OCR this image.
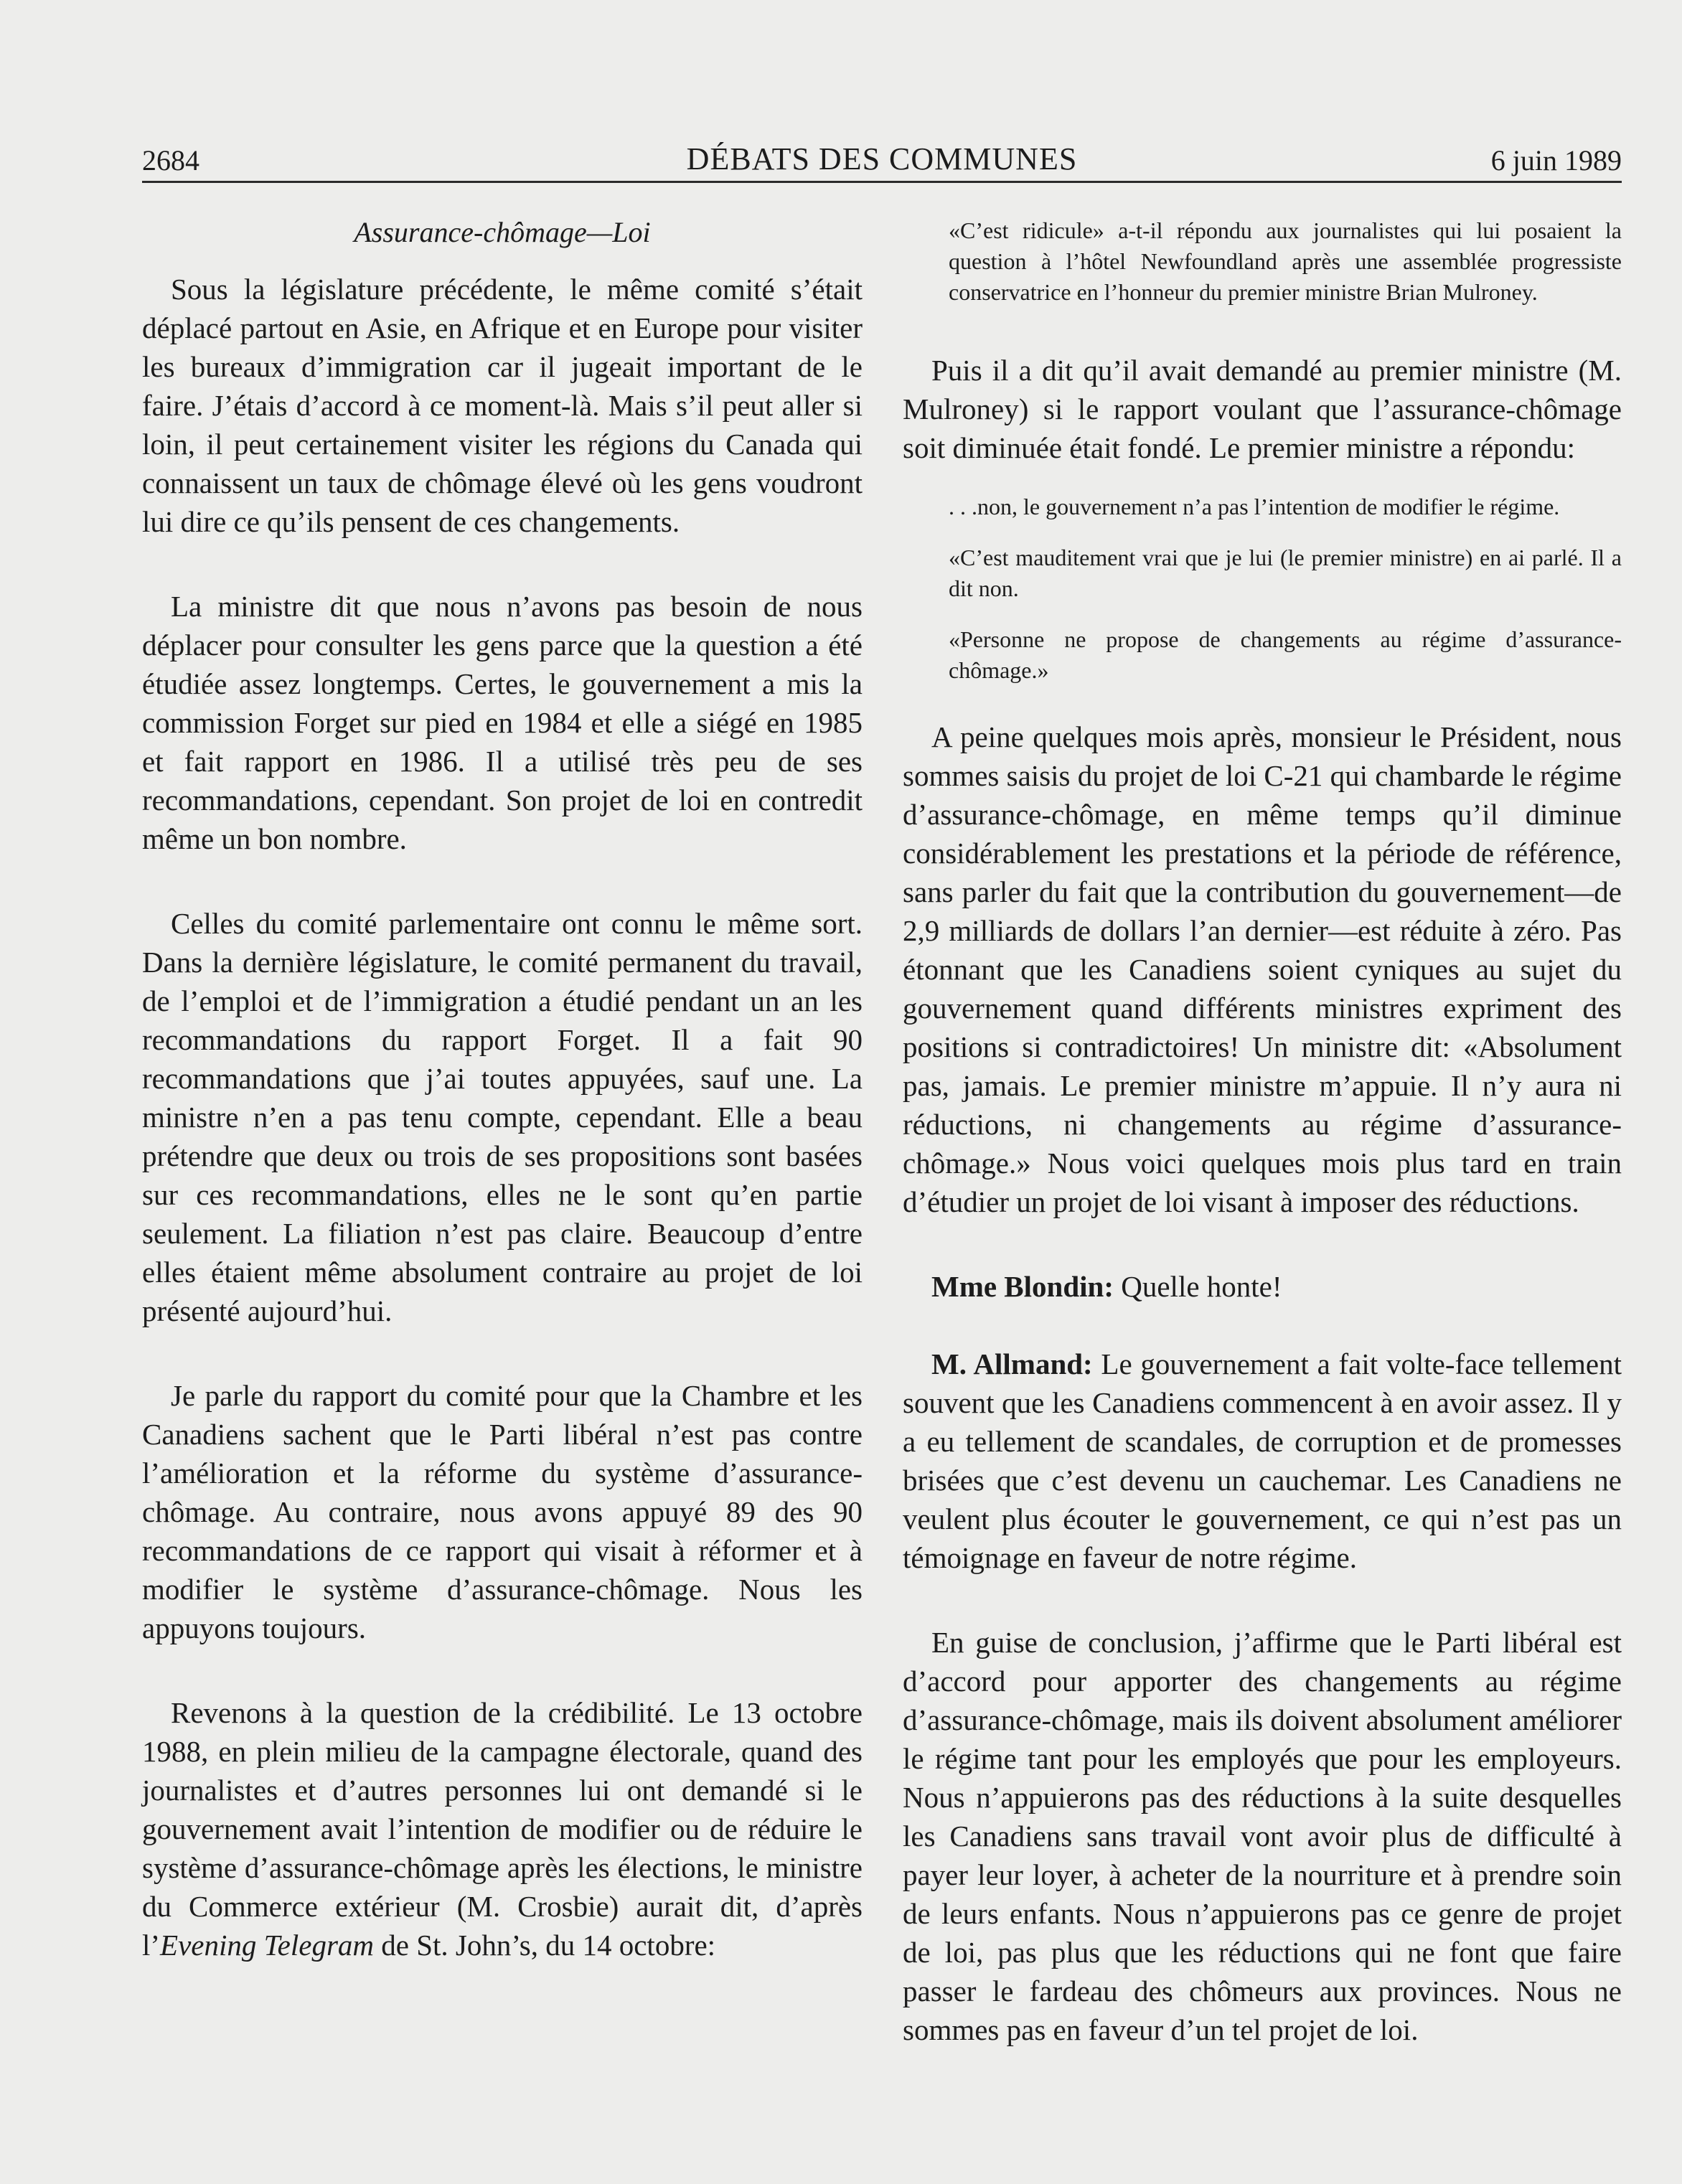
2684	DÉBATS DES COMMUNES	6 juin 1989
Assurance-chômage—Loi

Sous la législature précédente, le même comité s’était déplacé partout en Asie, en Afrique et en Europe pour visiter les bureaux d’immigration car il jugeait important de le faire. J’étais d’accord à ce moment-là. Mais s’il peut aller si loin, il peut certainement visiter les régions du Canada qui connaissent un taux de chômage élevé où les gens voudront lui dire ce qu’ils pensent de ces changements.

La ministre dit que nous n’avons pas besoin de nous déplacer pour consulter les gens parce que la question a été étudiée assez longtemps. Certes, le gouvernement a mis la commission Forget sur pied en 1984 et elle a siégé en 1985 et fait rapport en 1986. Il a utilisé très peu de ses recommandations, cependant. Son projet de loi en contredit même un bon nombre.

Celles du comité parlementaire ont connu le même sort. Dans la dernière législature, le comité permanent du travail, de l’emploi et de l’immigration a étudié pendant un an les recommandations du rapport Forget. Il a fait 90 recommandations que j’ai toutes appuyées, sauf une. La ministre n’en a pas tenu compte, cependant. Elle a beau prétendre que deux ou trois de ses propositions sont basées sur ces recommandations, elles ne le sont qu’en partie seulement. La filiation n’est pas claire. Beaucoup d’entre elles étaient même absolument contraire au projet de loi présenté aujourd’hui.

Je parle du rapport du comité pour que la Chambre et les Canadiens sachent que le Parti libéral n’est pas contre l’amélioration et la réforme du système d’assurance-chômage. Au contraire, nous avons appuyé 89 des 90 recommandations de ce rapport qui visait à réformer et à modifier le système d’assurance-chômage. Nous les appuyons toujours.

Revenons à la question de la crédibilité. Le 13 octobre 1988, en plein milieu de la campagne électorale, quand des journalistes et d’autres personnes lui ont demandé si le gouvernement avait l’intention de modifier ou de réduire le système d’assurance-chômage après les élections, le ministre du Commerce extérieur (M. Crosbie) aurait dit, d’après l’Evening Telegram de St. John’s, du 14 octobre:

«C’est ridicule» a-t-il répondu aux journalistes qui lui posaient la question à l’hôtel Newfoundland après une assemblée progressiste conservatrice en l’honneur du premier ministre Brian Mulroney.

Puis il a dit qu’il avait demandé au premier ministre (M. Mulroney) si le rapport voulant que l’assurance-chômage soit diminuée était fondé. Le premier ministre a répondu:

. . .non, le gouvernement n’a pas l’intention de modifier le régime.

«C’est mauditement vrai que je lui (le premier ministre) en ai parlé. Il a dit non.

«Personne ne propose de changements au régime d’assurance-chômage.»

A peine quelques mois après, monsieur le Président, nous sommes saisis du projet de loi C-21 qui chambarde le régime d’assurance-chômage, en même temps qu’il diminue considérablement les prestations et la période de référence, sans parler du fait que la contribution du gouvernement—de 2,9 milliards de dollars l’an dernier—est réduite à zéro. Pas étonnant que les Canadiens soient cyniques au sujet du gouvernement quand différents ministres expriment des positions si contradictoires! Un ministre dit: «Absolument pas, jamais. Le premier ministre m’appuie. Il n’y aura ni réductions, ni changements au régime d’assurance-chômage.» Nous voici quelques mois plus tard en train d’étudier un projet de loi visant à imposer des réductions.

Mme Blondin: Quelle honte!

M. Allmand: Le gouvernement a fait volte-face tellement souvent que les Canadiens commencent à en avoir assez. Il y a eu tellement de scandales, de corruption et de promesses brisées que c’est devenu un cauchemar. Les Canadiens ne veulent plus écouter le gouvernement, ce qui n’est pas un témoignage en faveur de notre régime.

En guise de conclusion, j’affirme que le Parti libéral est d’accord pour apporter des changements au régime d’assurance-chômage, mais ils doivent absolument améliorer le régime tant pour les employés que pour les employeurs. Nous n’appuierons pas des réductions à la suite desquelles les Canadiens sans travail vont avoir plus de difficulté à payer leur loyer, à acheter de la nourriture et à prendre soin de leurs enfants. Nous n’appuierons pas ce genre de projet de loi, pas plus que les réductions qui ne font que faire passer le fardeau des chômeurs aux provinces. Nous ne sommes pas en faveur d’un tel projet de loi.
